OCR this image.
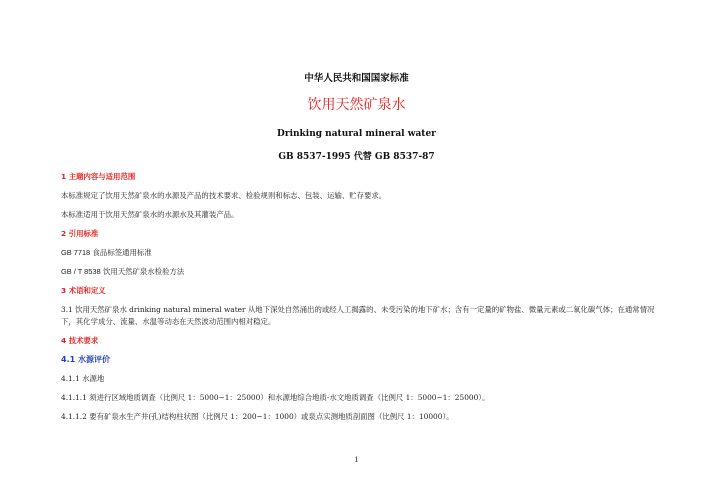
中华人民共和国国家标准
饮用天然矿泉水
Drinking natural mineral water
GB 8537-1995 代替 GB 8537-87

1 主题内容与适用范围

本标准规定了饮用天然矿泉水的水源及产品的技术要求、检验规则和标志、包装、运输、贮存要求。

本标准适用于饮用天然矿泉水的水源水及其灌装产品。

2 引用标准

GB 7718 食品标签通用标准

GB / T 8538 饮用天然矿泉水检验方法

3 术语和定义

3.1 饮用天然矿泉水 drinking natural mineral water 从地下深处自然涌出的或经人工揭露的、未受污染的地下矿水；含有一定量的矿物盐、微量元素或二氧化碳气体；在通常情况下，其化学成分、流量、水温等动态在天然波动范围内相对稳定。

4 技术要求

4.1 水源评价

4.1.1 水源地

4.1.1.1 须进行区域地质调查（比例尺 1：5000~1：25000）和水源地综合地质-水文地质调查（比例尺 1：5000~1：25000）。

4.1.1.2 要有矿泉水生产井(孔)结构柱状图（比例尺 1：200~1：1000）或泉点实测地质剖面图（比例尺 1：10000）。

1
